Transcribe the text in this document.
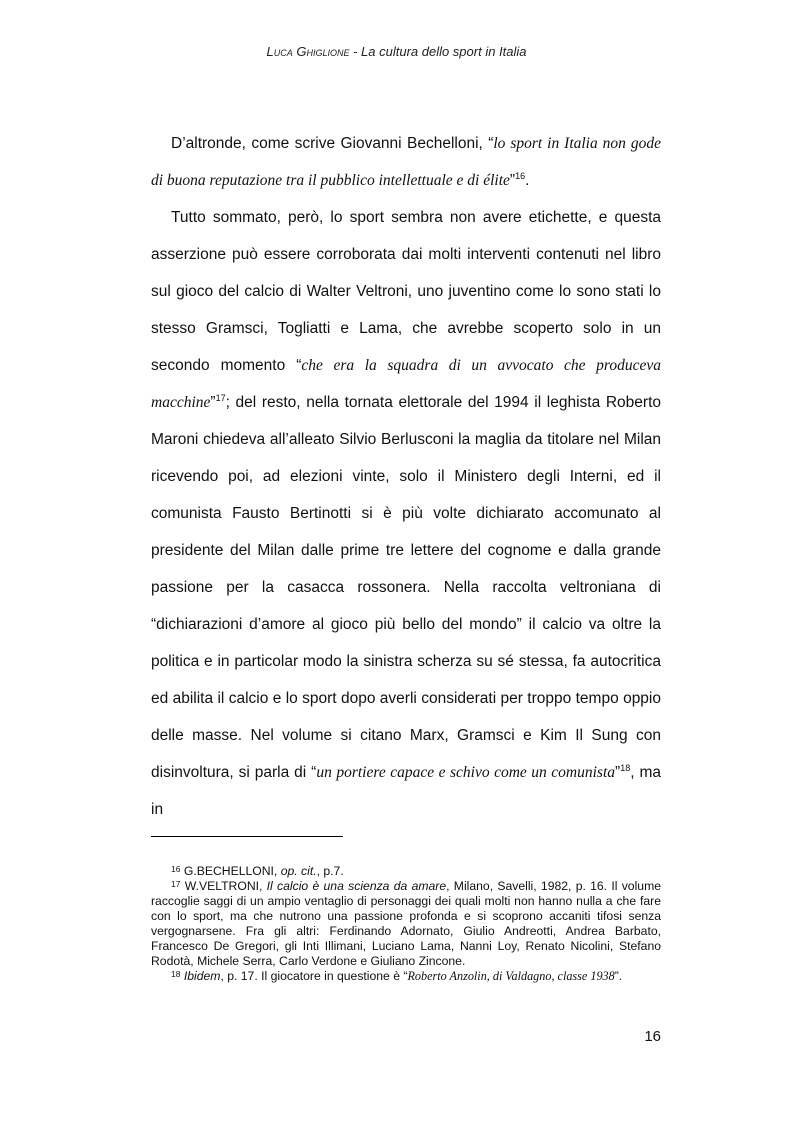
Luca Ghiglione - La cultura dello sport in Italia

D’altronde, come scrive Giovanni Bechelloni, “lo sport in Italia non gode di buona reputazione tra il pubblico intellettuale e di élite”$^{16}$.

Tutto sommato, però, lo sport sembra non avere etichette, e questa asserzione può essere corroborata dai molti interventi contenuti nel libro sul gioco del calcio di Walter Veltroni, uno juventino come lo sono stati lo stesso Gramsci, Togliatti e Lama, che avrebbe scoperto solo in un secondo momento “che era la squadra di un avvocato che produceva macchine”$^{17}$; del resto, nella tornata elettorale del 1994 il leghista Roberto Maroni chiedeva all’alleato Silvio Berlusconi la maglia da titolare nel Milan ricevendo poi, ad elezioni vinte, solo il Ministero degli Interni, ed il comunista Fausto Bertinotti si è più volte dichiarato accomunato al presidente del Milan dalle prime tre lettere del cognome e dalla grande passione per la casacca rossonera. Nella raccolta veltroniana di “dichiarazioni d’amore al gioco più bello del mondo” il calcio va oltre la politica e in particolar modo la sinistra scherza su sé stessa, fa autocritica ed abilita il calcio e lo sport dopo averli considerati per troppo tempo oppio delle masse. Nel volume si citano Marx, Gramsci e Kim Il Sung con disinvoltura, si parla di “un portiere capace e schivo come un comunista”$^{18}$, ma in

$^{16}$ G.BECHELLONI, op. cit., p.7.

$^{17}$ W.VELTRONI, Il calcio è una scienza da amare, Milano, Savelli, 1982, p. 16. Il volume raccoglie saggi di un ampio ventaglio di personaggi dei quali molti non hanno nulla a che fare con lo sport, ma che nutrono una passione profonda e si scoprono accaniti tifosi senza vergognarsene. Fra gli altri: Ferdinando Adornato, Giulio Andreotti, Andrea Barbato, Francesco De Gregori, gli Inti Illimani, Luciano Lama, Nanni Loy, Renato Nicolini, Stefano Rodotà, Michele Serra, Carlo Verdone e Giuliano Zincone.

$^{18}$ Ibidem, p. 17. Il giocatore in questione è “Roberto Anzolin, di Valdagno, classe 1938”.

16
